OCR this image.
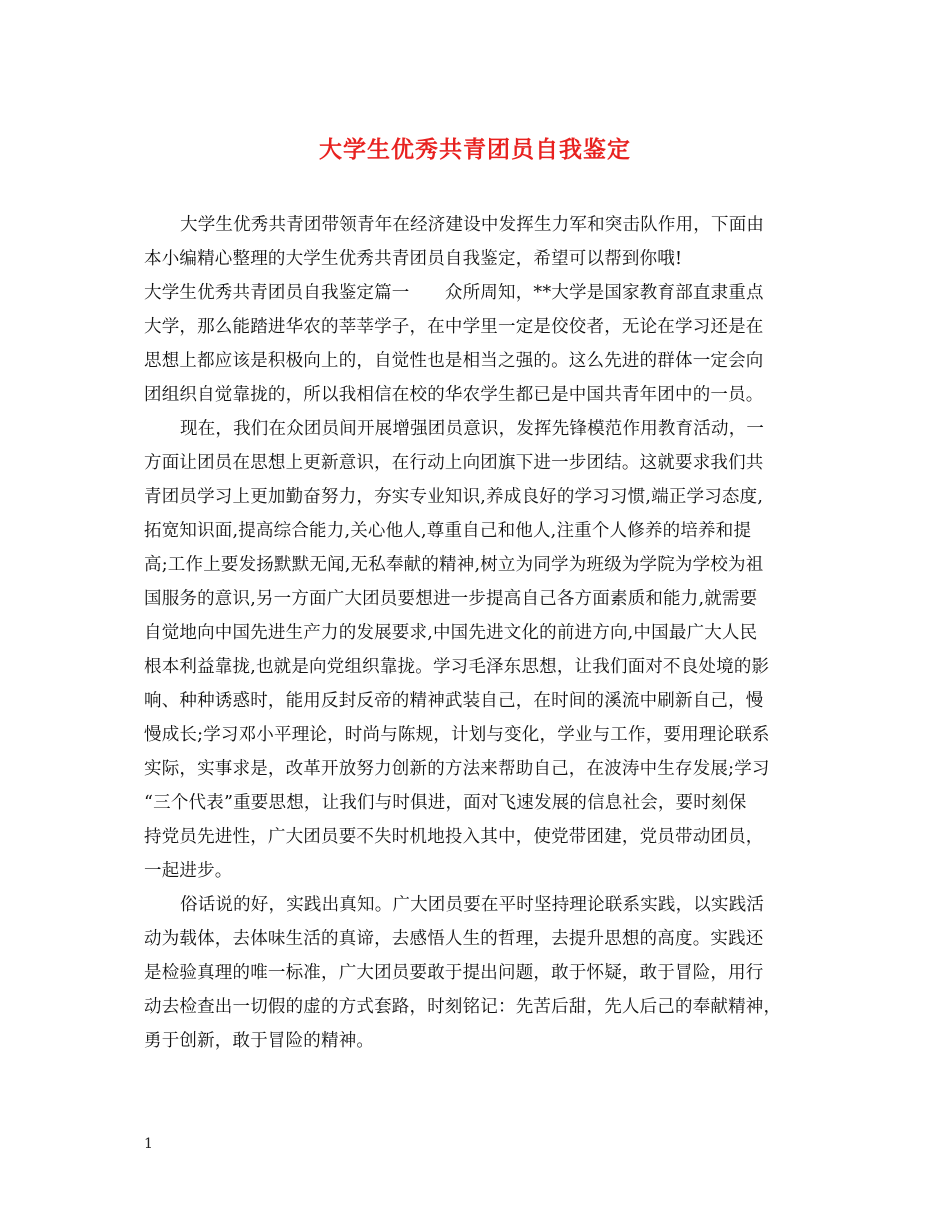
大学生优秀共青团员自我鉴定
大学生优秀共青团带领青年在经济建设中发挥生力军和突击队作用，下面由
本小编精心整理的大学生优秀共青团员自我鉴定，希望可以帮到你哦!
大学生优秀共青团员自我鉴定篇一　　众所周知，**大学是国家教育部直隶重点
大学，那么能踏进华农的莘莘学子，在中学里一定是佼佼者，无论在学习还是在
思想上都应该是积极向上的，自觉性也是相当之强的。这么先进的群体一定会向
团组织自觉靠拢的，所以我相信在校的华农学生都已是中国共青年团中的一员。
现在，我们在众团员间开展增强团员意识，发挥先锋模范作用教育活动，一
方面让团员在思想上更新意识，在行动上向团旗下进一步团结。这就要求我们共
青团员学习上更加勤奋努力，夯实专业知识,养成良好的学习习惯,端正学习态度,
拓宽知识面,提高综合能力,关心他人,尊重自己和他人,注重个人修养的培养和提
高;工作上要发扬默默无闻,无私奉献的精神,树立为同学为班级为学院为学校为祖
国服务的意识,另一方面广大团员要想进一步提高自己各方面素质和能力,就需要
自觉地向中国先进生产力的发展要求,中国先进文化的前进方向,中国最广大人民
根本利益靠拢,也就是向党组织靠拢。学习毛泽东思想，让我们面对不良处境的影
响、种种诱惑时，能用反封反帝的精神武装自己，在时间的溪流中刷新自己，慢
慢成长;学习邓小平理论，时尚与陈规，计划与变化，学业与工作，要用理论联系
实际，实事求是，改革开放努力创新的方法来帮助自己，在波涛中生存发展;学习
“三个代表”重要思想，让我们与时俱进，面对飞速发展的信息社会，要时刻保
持党员先进性，广大团员要不失时机地投入其中，使党带团建，党员带动团员，
一起进步。
俗话说的好，实践出真知。广大团员要在平时坚持理论联系实践，以实践活
动为载体，去体味生活的真谛，去感悟人生的哲理，去提升思想的高度。实践还
是检验真理的唯一标准，广大团员要敢于提出问题，敢于怀疑，敢于冒险，用行
动去检查出一切假的虚的方式套路，时刻铭记：先苦后甜，先人后己的奉献精神，
勇于创新，敢于冒险的精神。
1
